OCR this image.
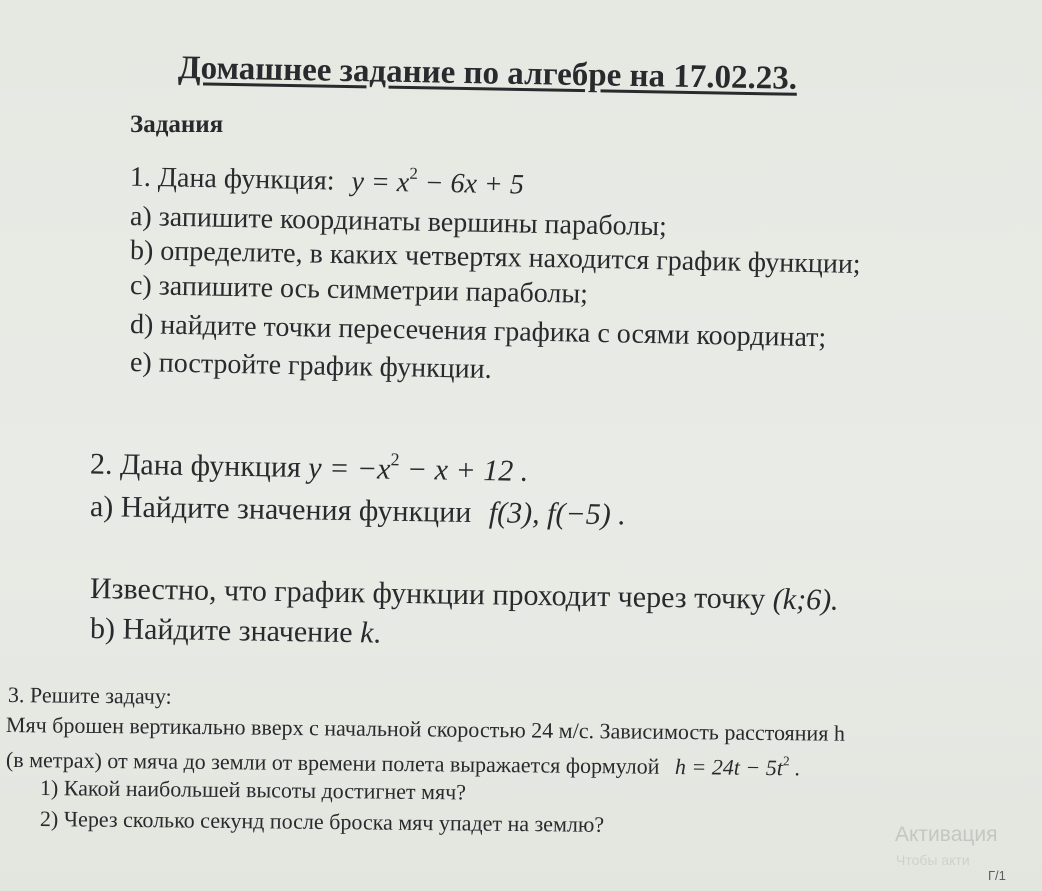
Домашнее задание по алгебре на 17.02.23.
Задания
1. Дана функция: $y = x^2 - 6x + 5$
a) запишите координаты вершины параболы;
b) определите, в каких четвертях находится график функции;
c) запишите ось симметрии параболы;
d) найдите точки пересечения графика с осями координат;
e) постройте график функции.
2. Дана функция $y = -x^2 - x + 12$ .
a) Найдите значения функции f(3), f(−5) .
Известно, что график функции проходит через точку (k;6).
b) Найдите значение k.
3. Решите задачу:
Мяч брошен вертикально вверх с начальной скоростью 24 м/с. Зависимость расстояния h
(в метрах) от мяча до земли от времени полета выражается формулой $h = 24t - 5t^2$ .
1) Какой наибольшей высоты достигнет мяч?
2) Через сколько секунд после броска мяч упадет на землю?	Активация
Чтобы акти
Г/1
